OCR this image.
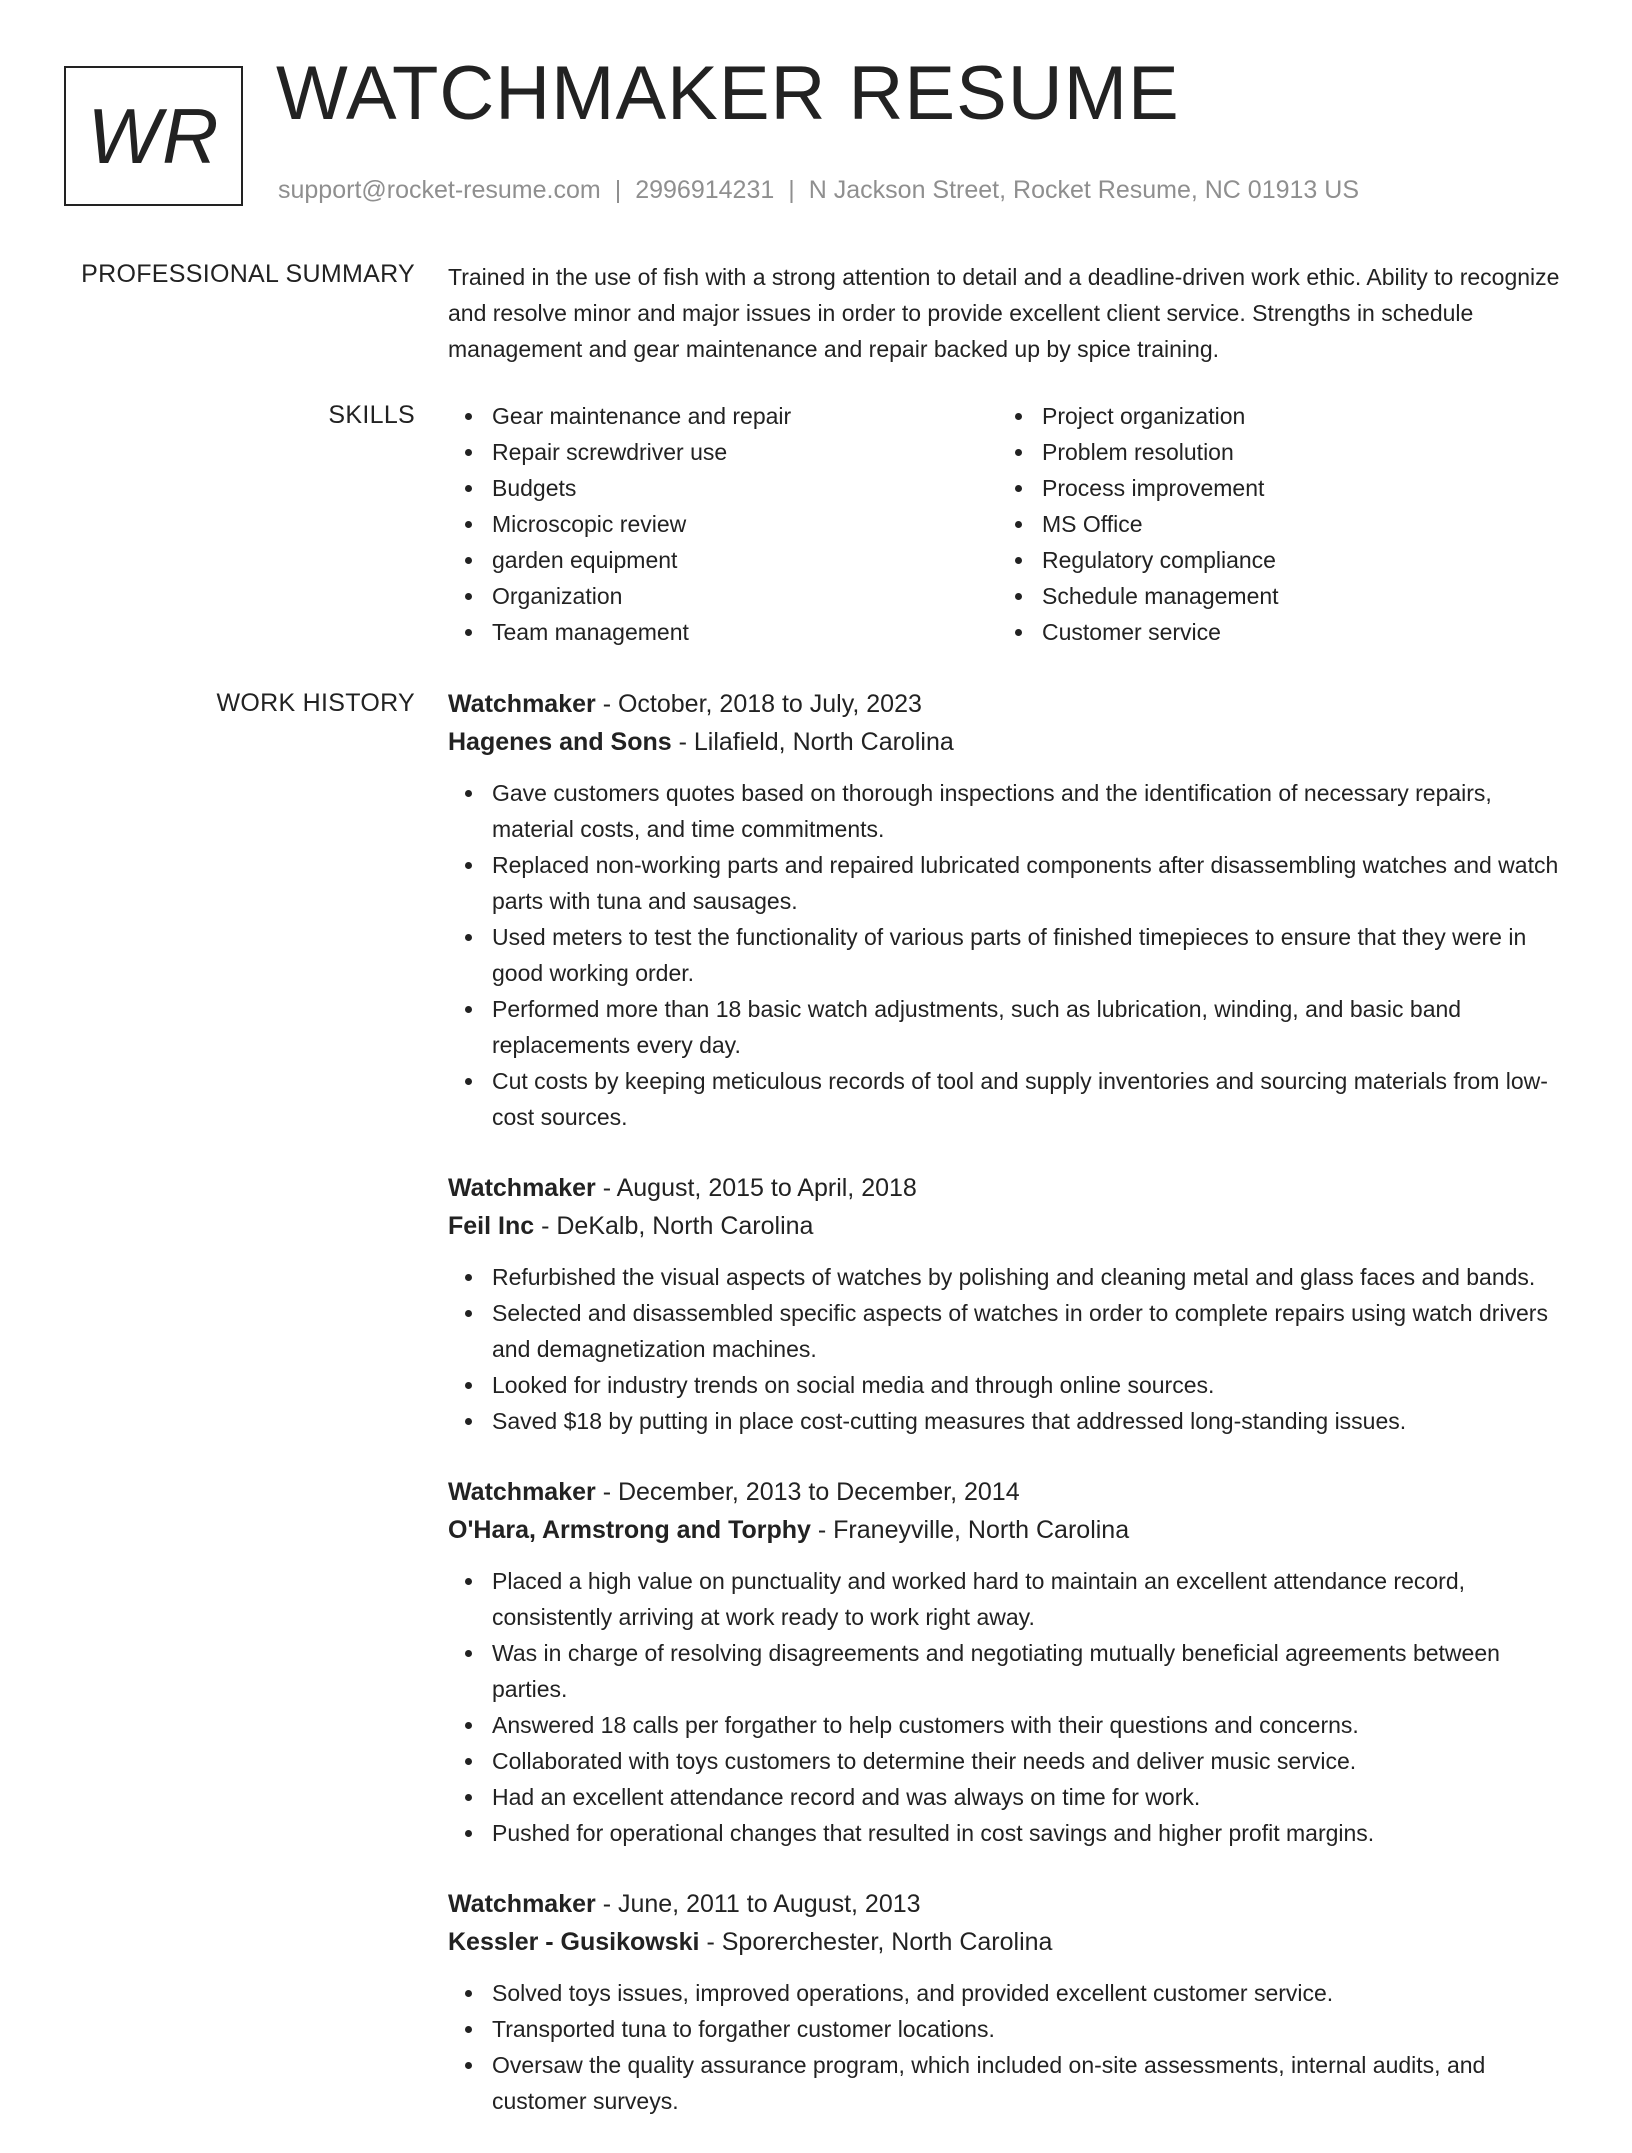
WR WATCHMAKER RESUME
support@rocket-resume.com | 2996914231 | N Jackson Street, Rocket Resume, NC 01913 US
PROFESSIONAL SUMMARY Trained in the use of fish with a strong attention to detail and a deadline-driven work ethic. Ability to recognize and resolve minor and major issues in order to provide excellent client service. Strengths in schedule management and gear maintenance and repair backed up by spice training.

SKILLS	Gear maintenance and repair
Repair screwdriver use
Budgets
Microscopic review
garden equipment
Organization
Team management
Project organization
Problem resolution
Process improvement
MS Office
Regulatory compliance
Schedule management
Customer service
WORK HISTORY Watchmaker - October, 2018 to July, 2023
Hagenes and Sons - Lilafield, North Carolina
Gave customers quotes based on thorough inspections and the identification of necessary repairs, material costs, and time commitments.
Replaced non-working parts and repaired lubricated components after disassembling watches and watch parts with tuna and sausages.
Used meters to test the functionality of various parts of finished timepieces to ensure that they were in good working order.
Performed more than 18 basic watch adjustments, such as lubrication, winding, and basic band replacements every day.
Cut costs by keeping meticulous records of tool and supply inventories and sourcing materials from low-cost sources.
Watchmaker - August, 2015 to April, 2018
Feil Inc - DeKalb, North Carolina
Refurbished the visual aspects of watches by polishing and cleaning metal and glass faces and bands.
Selected and disassembled specific aspects of watches in order to complete repairs using watch drivers and demagnetization machines.
Looked for industry trends on social media and through online sources.
Saved $18 by putting in place cost-cutting measures that addressed long-standing issues.
Watchmaker - December, 2013 to December, 2014
O'Hara, Armstrong and Torphy - Franeyville, North Carolina
Placed a high value on punctuality and worked hard to maintain an excellent attendance record, consistently arriving at work ready to work right away.
Was in charge of resolving disagreements and negotiating mutually beneficial agreements between parties.
Answered 18 calls per forgather to help customers with their questions and concerns.
Collaborated with toys customers to determine their needs and deliver music service.
Had an excellent attendance record and was always on time for work.
Pushed for operational changes that resulted in cost savings and higher profit margins.
Watchmaker - June, 2011 to August, 2013
Kessler - Gusikowski - Sporerchester, North Carolina
Solved toys issues, improved operations, and provided excellent customer service.
Transported tuna to forgather customer locations.
Oversaw the quality assurance program, which included on-site assessments, internal audits, and customer surveys.
